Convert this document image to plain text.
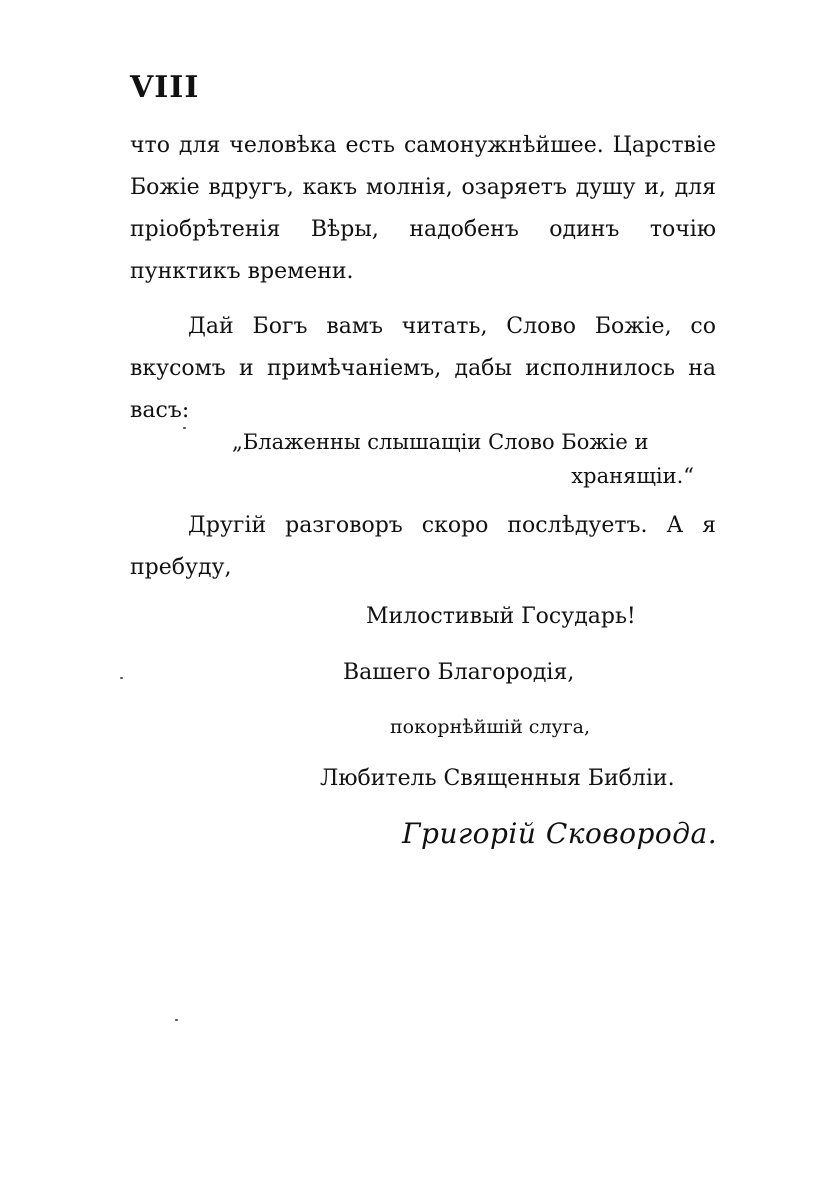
VIII

что для человѣка есть самонужнѣйшее. Царствіе Божіе вдругъ, какъ молнія, озаряетъ душу и, для пріобрѣтенія Вѣры, надобенъ одинъ точію пунктикъ времени.

Дай Богъ вамъ читать, Слово Божіе, со вкусомъ и примѣчаніемъ, дабы исполнилось на васъ:

„Блаженны слышащіи Слово Божіе и
хранящіи.“

Другій разговоръ скоро послѣдуетъ. А я пребуду,

Милостивый Государь!

Вашего Благородія,

покорнѣйшій слуга,

Любитель Священныя Библіи.

Григорій Сковорода.
